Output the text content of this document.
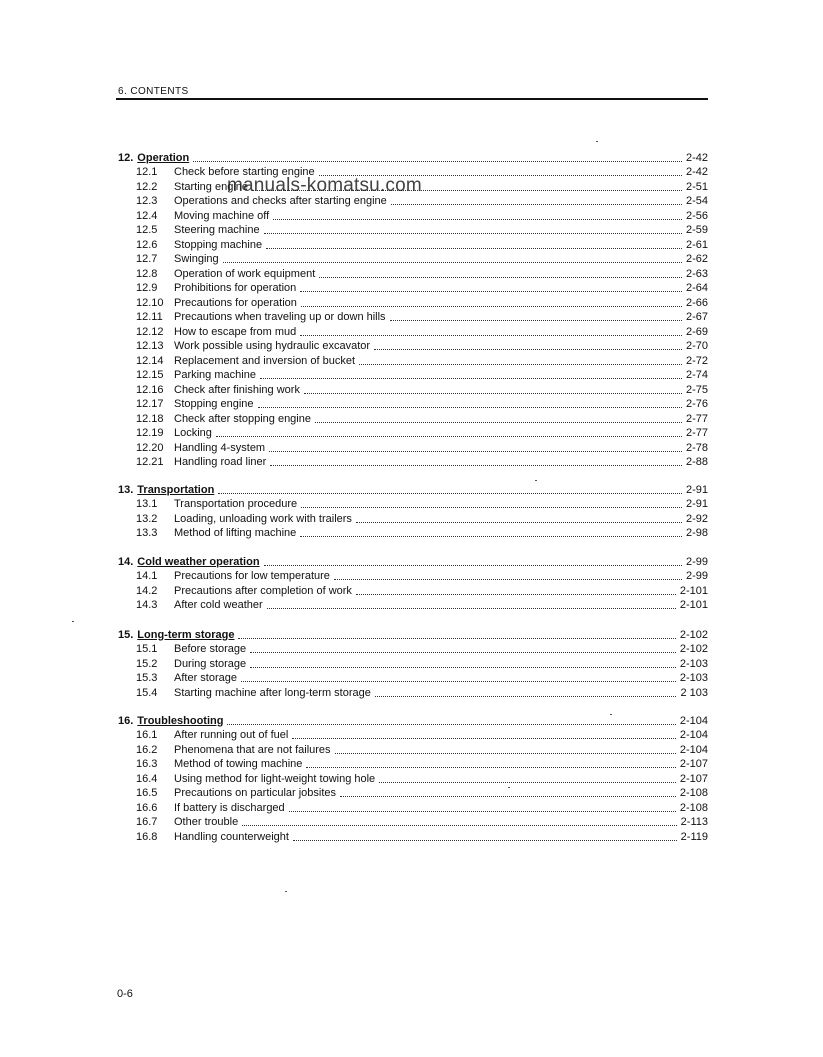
6. CONTENTS
12. Operation	2-42
12.1	Check before starting engine	2-42
12.2	Starting engine	2-51
12.3	Operations and checks after starting engine	2-54
12.4	Moving machine off	2-56
12.5	Steering machine	2-59
12.6	Stopping machine	2-61
12.7	Swinging	2-62
12.8	Operation of work equipment	2-63
12.9	Prohibitions for operation	2-64
12.10 Precautions for operation	2-66
12.11	Precautions when traveling up or down hills	2-67
12.12 How to escape from mud	2-69
12.13 Work possible using hydraulic excavator	2-70
12.14 Replacement and inversion of bucket	2-72
12.15 Parking machine	2-74
12.16 Check after finishing work	2-75
12.17 Stopping engine	2-76
12.18 Check after stopping engine	2-77
12.19 Locking	2-77
12.20 Handling 4-system	2-78
12.21 Handling road liner	2-88
13. Transportation	2-91
13.1	Transportation procedure	2-91
13.2	Loading, unloading work with trailers	2-92
13.3	Method of lifting machine	2-98
14. Cold weather operation	2-99
14.1	Precautions for low temperature	2-99
14.2	Precautions after completion of work	2-101
14.3	After cold weather	2-101
15. Long-term storage	2-102
15.1	Before storage	2-102
15.2	During storage	2-103
15.3	After storage	2-103
15.4	Starting machine after long-term storage	2 103
16. Troubleshooting	2-104
16.1	After running out of fuel	2-104
16.2	Phenomena that are not failures	2-104
16.3	Method of towing machine	2-107
16.4	Using method for light-weight towing hole	2-107
16.5	Precautions on particular jobsites	2-108
16.6	If battery is discharged	2-108
16.7	Other trouble	2-113
16.8	Handling counterweight	2-119
manuals-komatsu.com
0-6
